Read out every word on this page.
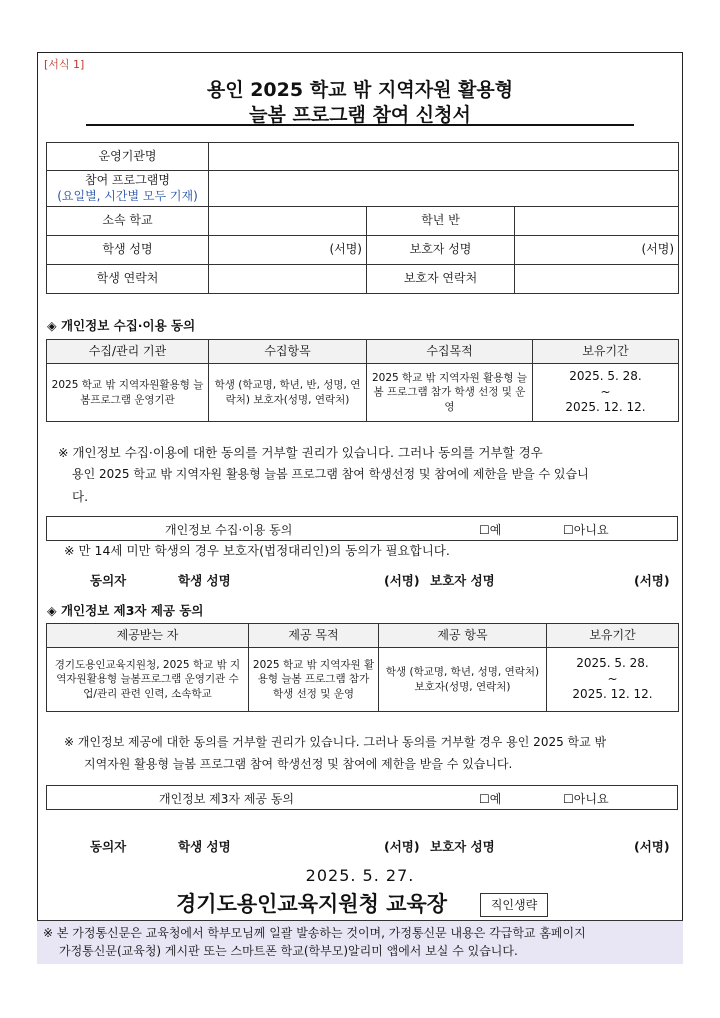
[서식 1]
용인 2025 학교 밖 지역자원 활용형
늘봄 프로그램 참여 신청서
운영기관명			

참여 프로그램명
(요일별, 시간별 모두 기재)			

소속 학교		학년 반	
학생 성명	(서명)	보호자 성명	(서명)
학생 연락처		보호자 연락처	
◈ 개인정보 수집·이용 동의
수집/관리 기관	수집항목	수집목적	보유기간
2025 학교 밖 지역자원활용형 늘봄프로그램 운영기관	학생 (학교명, 학년, 반, 성명, 연락처) 보호자(성명, 연락처)	2025 학교 밖 지역자원 활용형 늘봄 프로그램 참가 학생 선정 및 운영	2025. 5. 28.
~
2025. 12. 12.
※ 개인정보 수집·이용에 대한 동의를 거부할 권리가 있습니다. 그러나 동의를 거부할 경우
용인 2025 학교 밖 지역자원 활용형 늘봄 프로그램 참여 학생선정 및 참여에 제한을 받을 수 있습니
다.
개인정보 수집·이용 동의	☐예	☐아니요
※ 만 14세 미만 학생의 경우 보호자(법정대리인)의 동의가 필요합니다.
동의자	학생 성명	(서명) 보호자 성명	(서명)
◈ 개인정보 제3자 제공 동의
제공받는 자	제공 목적	제공 항목	보유기간
경기도용인교육지원청, 2025 학교 밖 지역자원활용형 늘봄프로그램 운영기관 수업/관리 관련 인력, 소속학교	2025 학교 밖 지역자원 활용형 늘봄 프로그램 참가 학생 선정 및 운영	학생 (학교명, 학년, 성명, 연락처) 보호자(성명, 연락처)	2025. 5. 28.
~
2025. 12. 12.
※ 개인정보 제공에 대한 동의를 거부할 권리가 있습니다. 그러나 동의를 거부할 경우 용인 2025 학교 밖
지역자원 활용형 늘봄 프로그램 참여 학생선정 및 참여에 제한을 받을 수 있습니다.
개인정보 제3자 제공 동의	☐예	☐아니요
동의자	학생 성명	(서명) 보호자 성명	(서명)
2025. 5. 27.
경기도용인교육지원청 교육장	직인생략
※ 본 가정통신문은 교육청에서 학부모님께 일괄 발송하는 것이며, 가정통신문 내용은 각급학교 홈페이지
가정통신문(교육청) 게시판 또는 스마트폰 학교(학부모)알리미 앱에서 보실 수 있습니다.
